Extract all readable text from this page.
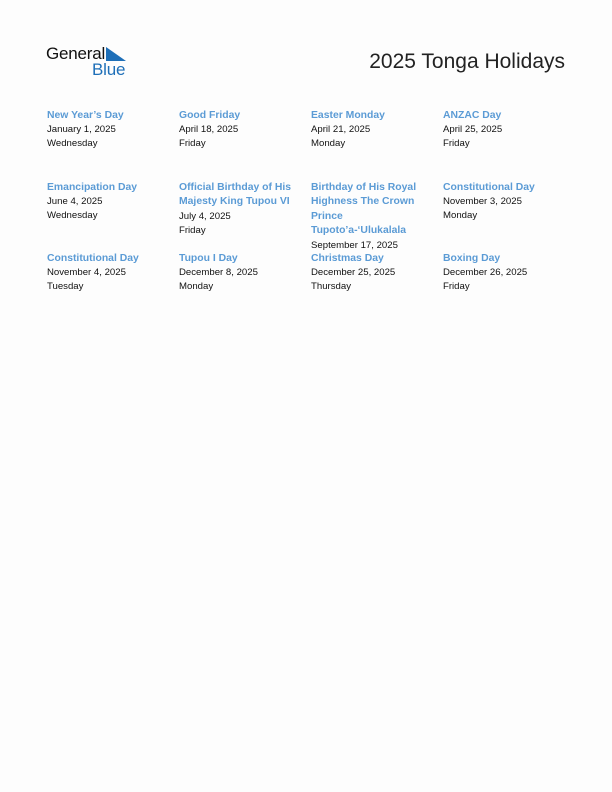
General
Blue	2025 Tonga Holidays
New Year’s Day
January 1, 2025
Wednesday
Good Friday
April 18, 2025
Friday
Easter Monday
April 21, 2025
Monday
ANZAC Day
April 25, 2025
Friday
Emancipation Day
June 4, 2025
Wednesday
Official Birthday of His Majesty King Tupou VI
July 4, 2025
Friday
Birthday of His Royal Highness The Crown Prince Tupoto’a-‘Ulukalala
September 17, 2025
Constitutional Day
November 3, 2025
Monday
Constitutional Day
November 4, 2025
Tuesday
Tupou I Day
December 8, 2025
Monday
Christmas Day
December 25, 2025
Thursday
Boxing Day
December 26, 2025
Friday
